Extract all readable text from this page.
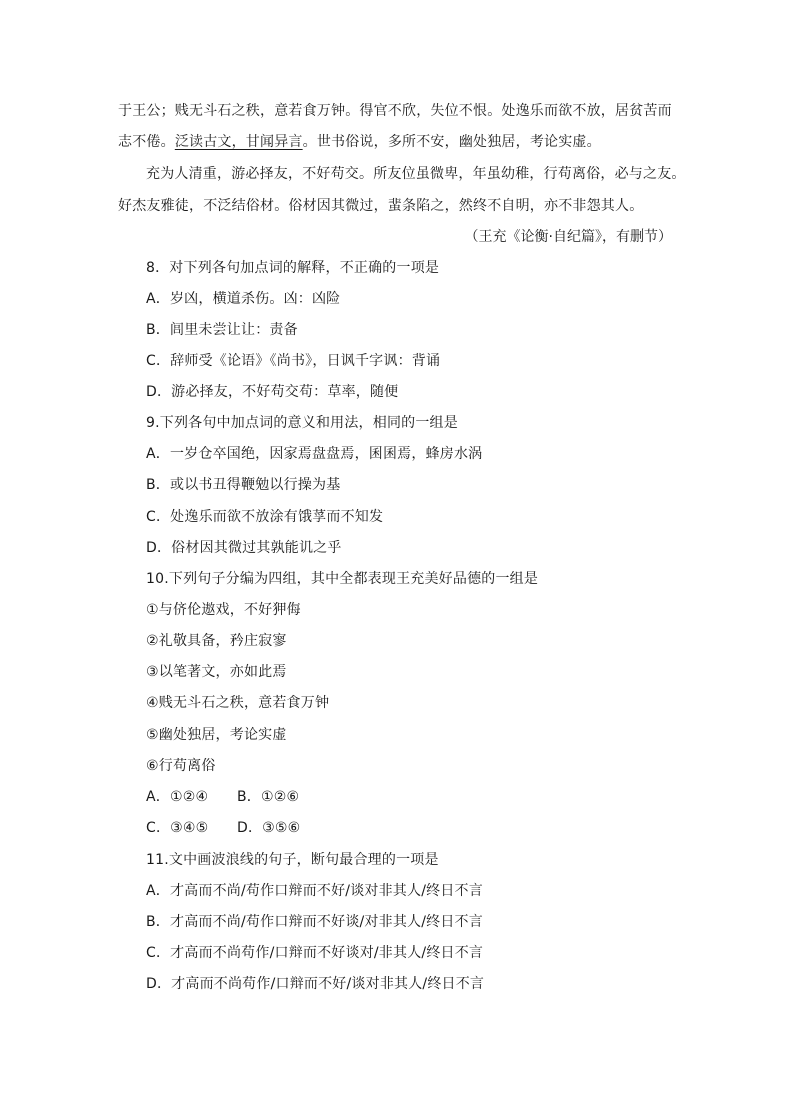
于王公；贱无斗石之秩，意若食万钟。得官不欣，失位不恨。处逸乐而欲不放，居贫苦而
志不倦。泛读古文，甘闻异言。世书俗说，多所不安，幽处独居，考论实虚。
充为人清重，游必择友，不好苟交。所友位虽微卑，年虽幼稚，行苟离俗，必与之友。
好杰友雅徒，不泛结俗材。俗材因其微过，蜚条陷之，然终不自明，亦不非怨其人。
（王充《论衡·自纪篇》，有删节）
8．对下列各句加点词的解释，不正确的一项是
A．岁凶，横道杀伤。凶：凶险
B．闾里未尝让让：责备
C．辞师受《论语》《尚书》，日讽千字讽：背诵
D．游必择友，不好苟交苟：草率，随便
9.下列各句中加点词的意义和用法，相同的一组是
A．一岁仓卒国绝，因家焉盘盘焉，囷囷焉，蜂房水涡
B．或以书丑得鞭勉以行操为基
C．处逸乐而欲不放涂有饿莩而不知发
D．俗材因其微过其孰能讥之乎
10.下列句子分编为四组，其中全都表现王充美好品德的一组是
①与侪伦遨戏，不好狎侮
②礼敬具备，矜庄寂寥
③以笔著文，亦如此焉
④贱无斗石之秩，意若食万钟
⑤幽处独居，考论实虚
⑥行苟离俗
A．①②④ B．①②⑥
C．③④⑤ D．③⑤⑥
11.文中画波浪线的句子，断句最合理的一项是
A．才高而不尚/苟作口辩而不好/谈对非其人/终日不言
B．才高而不尚/苟作口辩而不好谈/对非其人/终日不言
C．才高而不尚苟作/口辩而不好谈对/非其人/终日不言
D．才高而不尚苟作/口辩而不好/谈对非其人/终日不言
